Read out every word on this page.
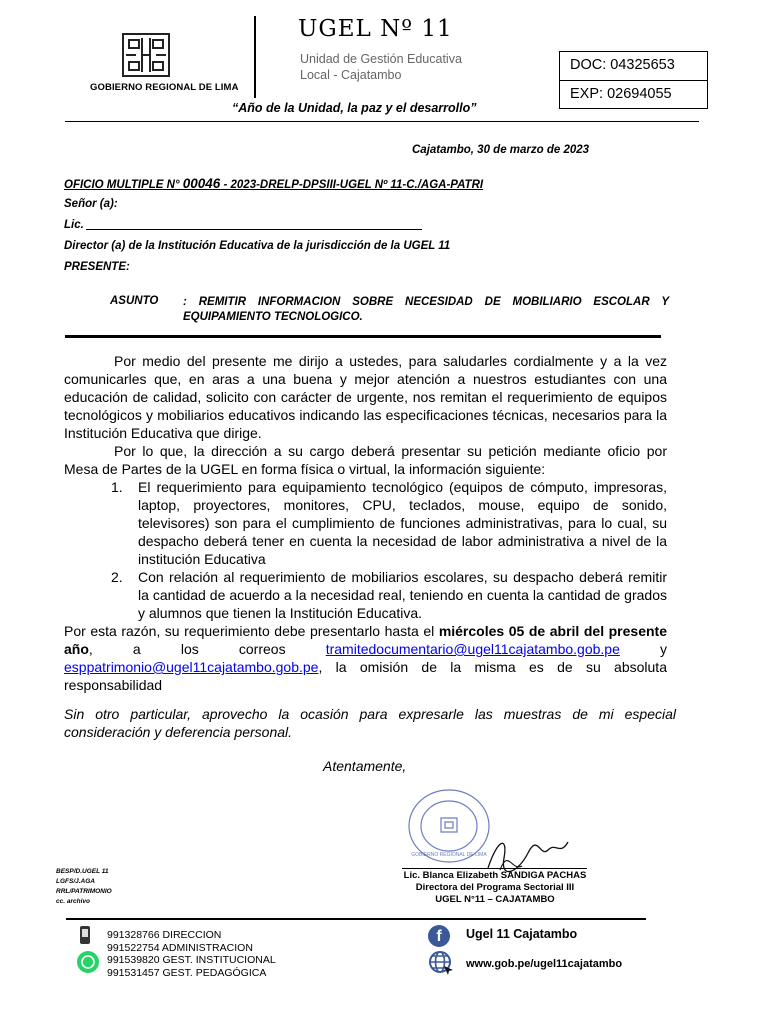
GOBIERNO REGIONAL DE LIMA
UGEL Nº 11
Unidad de Gestión Educativa
Local - Cajatambo
DOC: 04325653
EXP: 02694055
“Año de la Unidad, la paz y el desarrollo”
Cajatambo, 30 de marzo de 2023
OFICIO MULTIPLE N° 00046 - 2023-DRELP-DPSIII-UGEL Nº 11-C./AGA-PATRI
Señor (a):
Lic.
Director (a) de la Institución Educativa de la jurisdicción de la UGEL 11
PRESENTE:
ASUNTO : REMITIR INFORMACION SOBRE NECESIDAD DE MOBILIARIO ESCOLAR Y EQUIPAMIENTO TECNOLOGICO.

Por medio del presente me dirijo a ustedes, para saludarles cordialmente y a la vez comunicarles que, en aras a una buena y mejor atención a nuestros estudiantes con una educación de calidad, solicito con carácter de urgente, nos remitan el requerimiento de equipos tecnológicos y mobiliarios educativos indicando las especificaciones técnicas, necesarios para la Institución Educativa que dirige.

Por lo que, la dirección a su cargo deberá presentar su petición mediante oficio por Mesa de Partes de la UGEL en forma física o virtual, la información siguiente:

1. El requerimiento para equipamiento tecnológico (equipos de cómputo, impresoras, laptop, proyectores, monitores, CPU, teclados, mouse, equipo de sonido, televisores) son para el cumplimiento de funciones administrativas, para lo cual, su despacho deberá tener en cuenta la necesidad de labor administrativa a nivel de la institución Educativa
2. Con relación al requerimiento de mobiliarios escolares, su despacho deberá remitir la cantidad de acuerdo a la necesidad real, teniendo en cuenta la cantidad de grados y alumnos que tienen la Institución Educativa.

Por esta razón, su requerimiento debe presentarlo hasta el miércoles 05 de abril del presente año, a los correos tramitedocumentario@ugel11cajatambo.gob.pe y esppatrimonio@ugel11cajatambo.gob.pe, la omisión de la misma es de su absoluta responsabilidad

Sin otro particular, aprovecho la ocasión para expresarle las muestras de mi especial consideración y deferencia personal.
Atentamente,
GOBIERNO REGIONAL DE LIMA
Lic. Blanca Elizabeth SANDIGA PACHAS
Directora del Programa Sectorial III
UGEL N°11 – CAJATAMBO
BESP/D.UGEL 11
LGFS/J.AGA
RRL/PATRIMONIO
cc. archivo
991328766 DIRECCION
991522754 ADMINISTRACION
991539820 GEST. INSTITUCIONAL
991531457 GEST. PEDAGÓGICA
f	Ugel 11 Cajatambo
www.gob.pe/ugel11cajatambo
